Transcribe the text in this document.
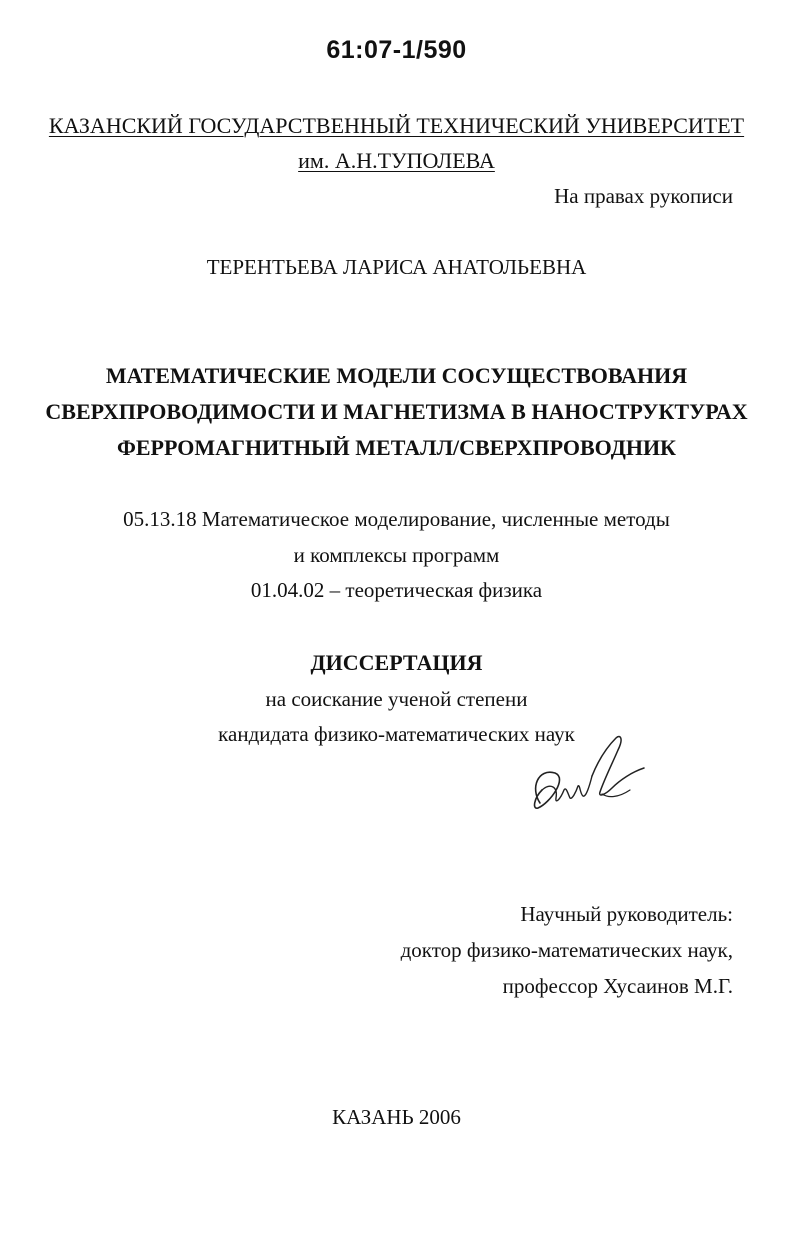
61:07-1/590
КАЗАНСКИЙ ГОСУДАРСТВЕННЫЙ ТЕХНИЧЕСКИЙ УНИВЕРСИТЕТ
им. А.Н.ТУПОЛЕВА
На правах рукописи
ТЕРЕНТЬЕВА ЛАРИСА АНАТОЛЬЕВНА
МАТЕМАТИЧЕСКИЕ МОДЕЛИ СОСУЩЕСТВОВАНИЯ
СВЕРХПРОВОДИМОСТИ И МАГНЕТИЗМА В НАНОСТРУКТУРАХ
ФЕРРОМАГНИТНЫЙ МЕТАЛЛ/СВЕРХПРОВОДНИК
05.13.18 Математическое моделирование, численные методы
и комплексы программ
01.04.02 – теоретическая физика
ДИССЕРТАЦИЯ
на соискание ученой степени
кандидата физико-математических наук
Научный руководитель:
доктор физико-математических наук,
профессор Хусаинов М.Г.
КАЗАНЬ 2006
